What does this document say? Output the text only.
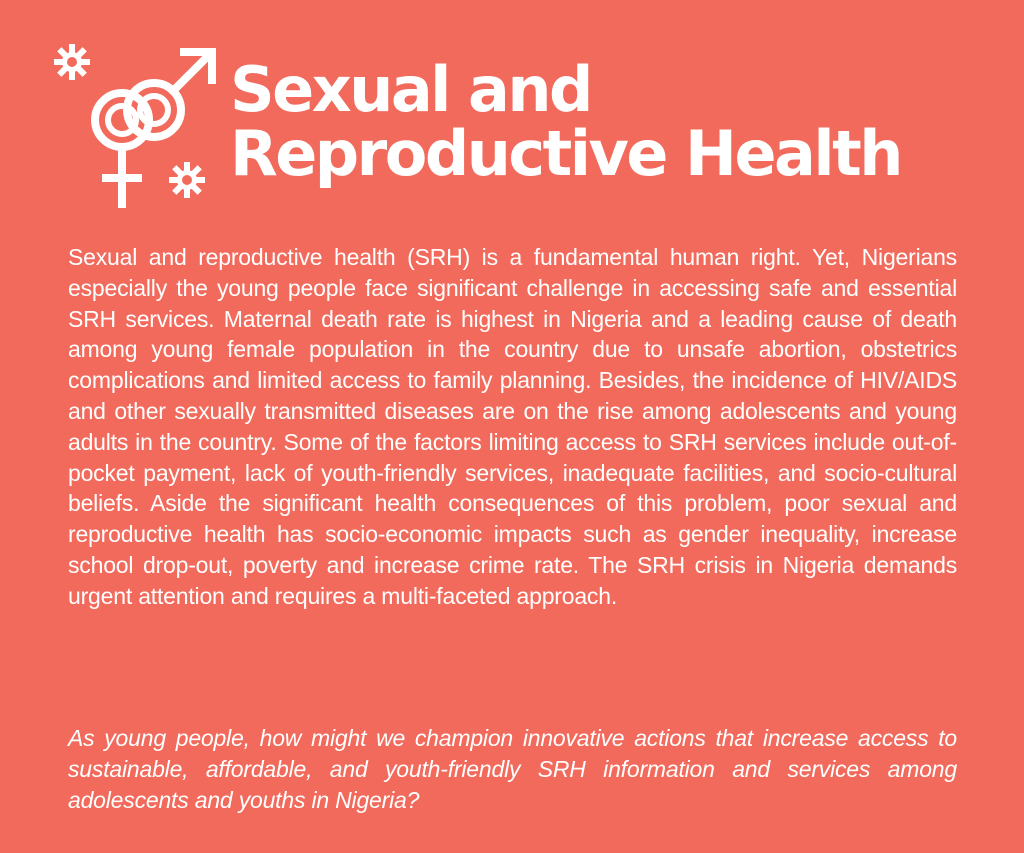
Sexual and
Reproductive Health

Sexual and reproductive health (SRH) is a fundamental human right. Yet, Nigerians especially the young people face significant challenge in accessing safe and essential SRH services. Maternal death rate is highest in Nigeria and a leading cause of death among young female population in the country due to unsafe abortion, obstetrics complications and limited access to family planning. Besides, the incidence of HIV/AIDS and other sexually transmitted diseases are on the rise among adolescents and young adults in the country. Some of the factors limiting access to SRH services include out-of-pocket payment, lack of youth-friendly services, inadequate facilities, and socio-cultural beliefs. Aside the significant health consequences of this problem, poor sexual and reproductive health has socio-economic impacts such as gender inequality, increase school drop-out, poverty and increase crime rate. The SRH crisis in Nigeria demands urgent attention and requires a multi-faceted approach.

As young people, how might we champion innovative actions that increase access to sustainable, affordable, and youth-friendly SRH information and services among adolescents and youths in Nigeria?
